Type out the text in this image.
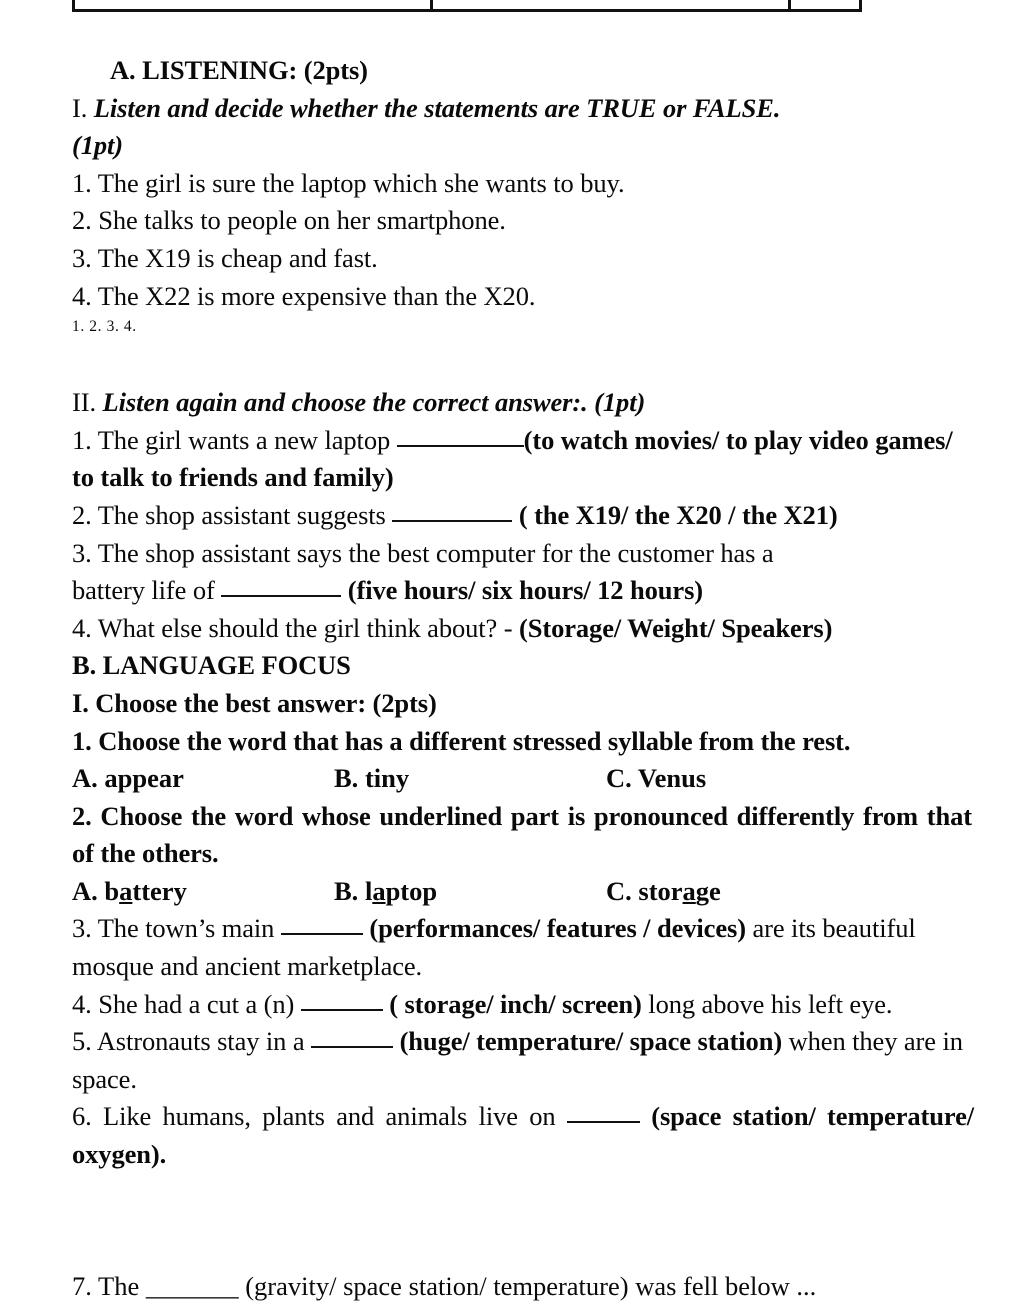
A. LISTENING: (2pts)
I. Listen and decide whether the statements are TRUE or FALSE.
(1pt)
1. The girl is sure the laptop which she wants to buy.
2. She talks to people on her smartphone.
3. The X19 is cheap and fast.
4. The X22 is more expensive than the X20.
1. 2. 3. 4.
II. Listen again and choose the correct answer:. (1pt)
1. The girl wants a new laptop	(to watch movies/ to play video games/ to talk to friends and family)
2. The shop assistant suggests	( the X19/ the X20 / the X21)
3. The shop assistant says the best computer for the customer has a
battery life of	(five hours/ six hours/ 12 hours)
4. What else should the girl think about? - (Storage/ Weight/ Speakers)
B. LANGUAGE FOCUS
I. Choose the best answer: (2pts)
1. Choose the word that has a different stressed syllable from the rest.
A. appear	B. tiny	C. Venus
2. Choose the word whose underlined part is pronounced differently from that of the others.
A. battery	B. laptop	C. storage
3. The town’s main	(performances/ features / devices) are its beautiful mosque and ancient marketplace.
4. She had a cut a (n)	( storage/ inch/ screen) long above his left eye.
5. Astronauts stay in a	(huge/ temperature/ space station) when they are in space.
6. Like humans, plants and animals live on	(space station/ temperature/ oxygen).
7. The _______ (gravity/ space station/ temperature) was fell below ...
